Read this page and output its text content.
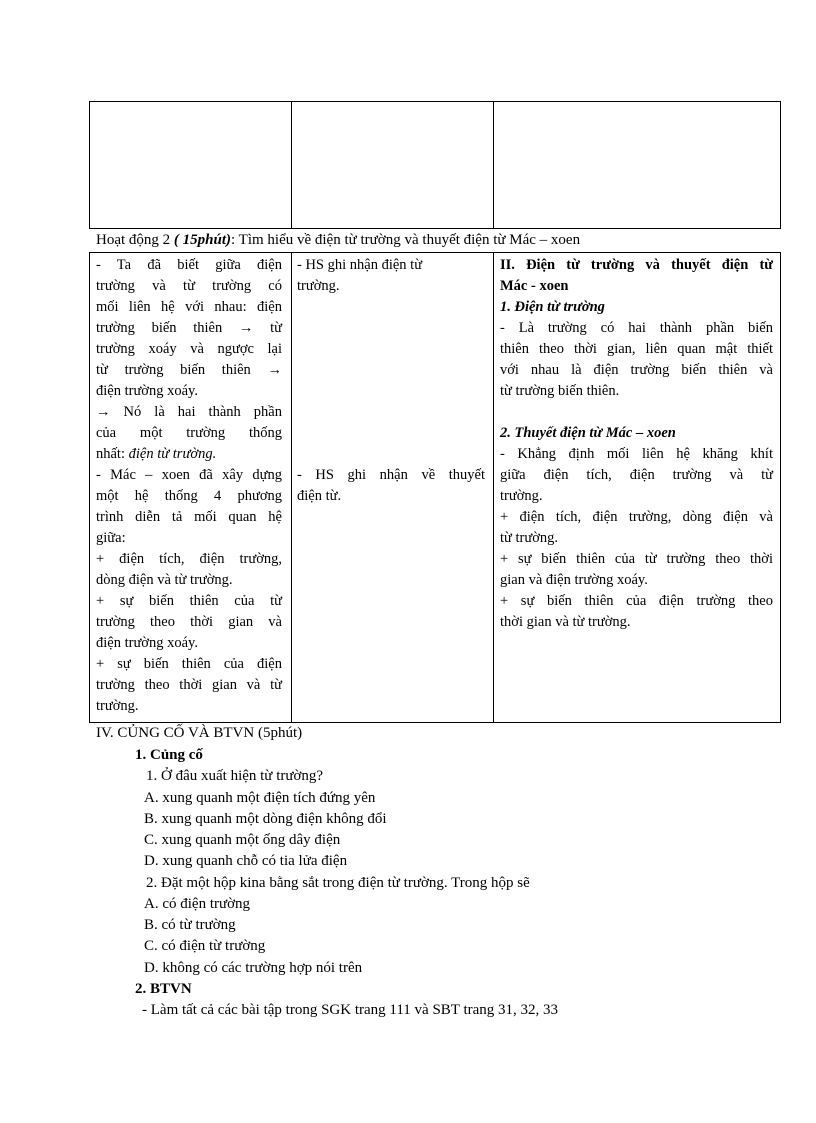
Hoạt động 2 ( 15phút): Tìm hiểu về điện từ trường và thuyết điện từ Mác – xoen
- Ta đã biết giữa điện
trường và từ trường có
mối liên hệ với nhau: điện
trường biến thiên → từ
trường xoáy và ngược lại
từ trường biến thiên →
điện trường xoáy.
→ Nó là hai thành phần
của một trường thống
nhất: điện từ trường.
- Mác – xoen đã xây dựng
một hệ thống 4 phương
trình diễn tả mối quan hệ
giữa:
+ điện tích, điện trường,
dòng điện và từ trường.
+ sự biến thiên của từ
trường theo thời gian và
điện trường xoáy.
+ sự biến thiên của điện
trường theo thời gian và từ
trường.
- HS ghi nhận điện từ
trường.
- HS ghi nhận về thuyết
điện từ.
II. Điện từ trường và thuyết điện từ
Mác - xoen
1. Điện từ trường
- Là trường có hai thành phần biến
thiên theo thời gian, liên quan mật thiết
với nhau là điện trường biến thiên và
từ trường biến thiên.

2. Thuyết điện từ Mác – xoen
- Khẳng định mối liên hệ khăng khít
giữa điện tích, điện trường và từ
trường.
+ điện tích, điện trường, dòng điện và
từ trường.
+ sự biến thiên của từ trường theo thời
gian và điện trường xoáy.
+ sự biến thiên của điện trường theo
thời gian và từ trường.
IV. CỦNG CỐ VÀ BTVN (5phút)
1. Củng cố
1. Ở đâu xuất hiện từ trường?
A. xung quanh một điện tích đứng yên
B. xung quanh một dòng điện không đổi
C. xung quanh một ống dây điện
D. xung quanh chỗ có tia lửa điện
2. Đặt một hộp kina bằng sắt trong điện từ trường. Trong hộp sẽ
A. có điện trường
B. có từ trường
C. có điện từ trường
D. không có các trường hợp nói trên
2. BTVN
- Làm tất cả các bài tập trong SGK trang 111 và SBT trang 31, 32, 33
